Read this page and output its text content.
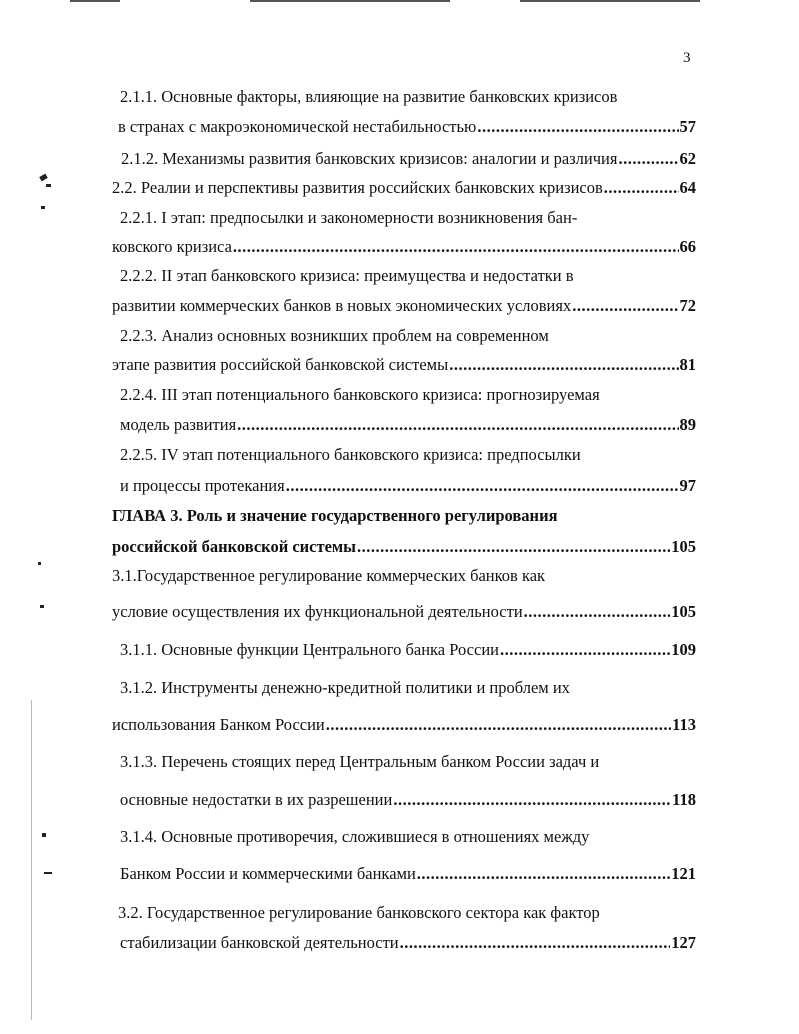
3
2.1.1. Основные факторы, влияющие на развитие банковских кризисов
в странах с макроэкономической нестабильностью .....	57
2.1.2. Механизмы развития банковских кризисов: аналогии и различия .....	62
2.2. Реалии и перспективы развития российских банковских кризисов .....	64
2.2.1. I этап: предпосылки и закономерности возникновения бан-
ковского кризиса .....	66
2.2.2. II этап банковского кризиса: преимущества и недостатки в
развитии коммерческих банков в новых экономических условиях .....	72
2.2.3. Анализ основных возникших проблем на современном
этапе развития российской банковской системы .....	81
2.2.4. III этап потенциального банковского кризиса: прогнозируемая
модель развития .....	89
2.2.5. IV этап потенциального банковского кризиса: предпосылки
и процессы протекания .....	97
ГЛАВА 3. Роль и значение государственного регулирования
российской банковской системы .....	105
3.1.Государственное регулирование коммерческих банков как
условие осуществления их функциональной деятельности .....	105
3.1.1. Основные функции Центрального банка России .....	109
3.1.2. Инструменты денежно-кредитной политики и проблем их
использования Банком России .....	113
3.1.3. Перечень стоящих перед Центральным банком России задач и
основные недостатки в их разрешении .....	118
3.1.4. Основные противоречия, сложившиеся в отношениях между
Банком России и коммерческими банками .....	121
3.2. Государственное регулирование банковского сектора как фактор
стабилизации банковской деятельности .....	127
